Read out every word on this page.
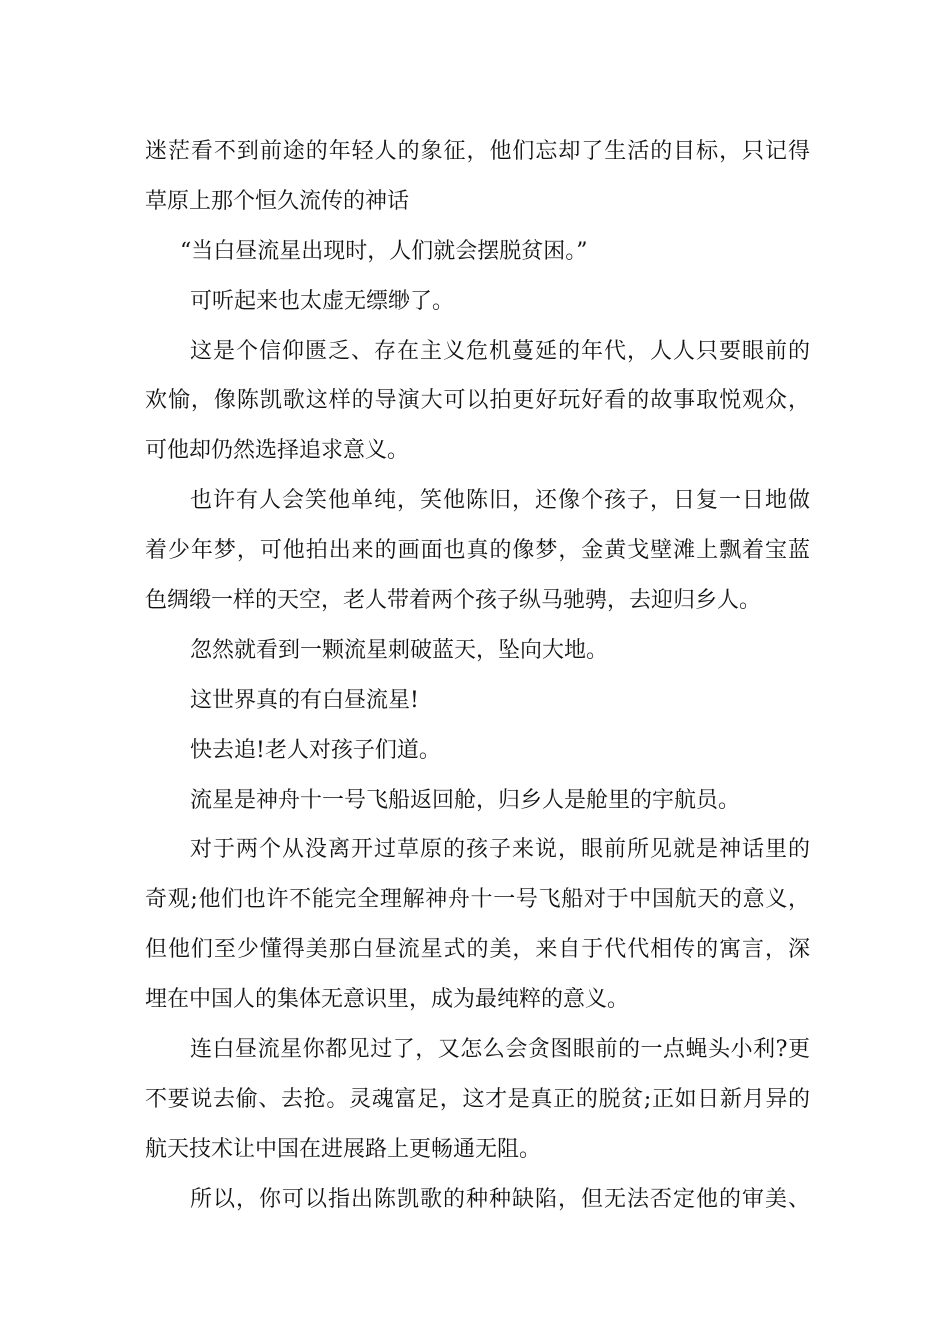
迷茫看不到前途的年轻人的象征，他们忘却了生活的目标，只记得
草原上那个恒久流传的神话
“当白昼流星出现时，人们就会摆脱贫困。”
可听起来也太虚无缥缈了。
这是个信仰匮乏、存在主义危机蔓延的年代，人人只要眼前的
欢愉，像陈凯歌这样的导演大可以拍更好玩好看的故事取悦观众，
可他却仍然选择追求意义。
也许有人会笑他单纯，笑他陈旧，还像个孩子，日复一日地做
着少年梦，可他拍出来的画面也真的像梦，金黄戈壁滩上飘着宝蓝
色绸缎一样的天空，老人带着两个孩子纵马驰骋，去迎归乡人。
忽然就看到一颗流星刺破蓝天，坠向大地。
这世界真的有白昼流星!
快去追!老人对孩子们道。
流星是神舟十一号飞船返回舱，归乡人是舱里的宇航员。
对于两个从没离开过草原的孩子来说，眼前所见就是神话里的
奇观;他们也许不能完全理解神舟十一号飞船对于中国航天的意义，
但他们至少懂得美那白昼流星式的美，来自于代代相传的寓言，深
埋在中国人的集体无意识里，成为最纯粹的意义。
连白昼流星你都见过了，又怎么会贪图眼前的一点蝇头小利?更
不要说去偷、去抢。灵魂富足，这才是真正的脱贫;正如日新月异的
航天技术让中国在进展路上更畅通无阻。
所以，你可以指出陈凯歌的种种缺陷，但无法否定他的审美、
